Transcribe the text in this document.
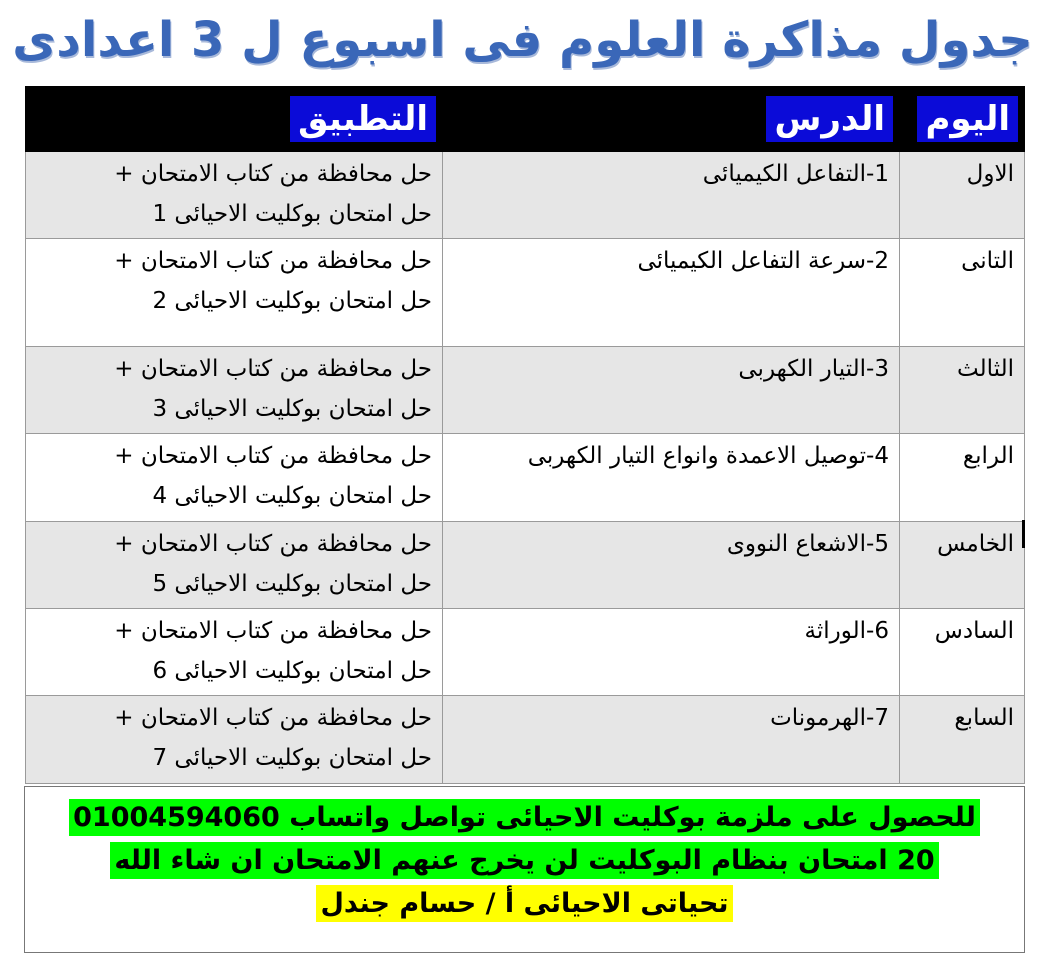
جدول مذاكرة العلوم فى اسبوع ل 3 اعدادى
اليوم	الدرس	التطبيق
الاول	1-التفاعل الكيميائى	حل محافظة من كتاب الامتحان +
حل امتحان بوكليت الاحيائى 1

التانى	2-سرعة التفاعل الكيميائى	حل محافظة من كتاب الامتحان +
حل امتحان بوكليت الاحيائى 2

الثالث	3-التيار الكهربى	حل محافظة من كتاب الامتحان +
حل امتحان بوكليت الاحيائى 3

الرابع	4-توصيل الاعمدة وانواع التيار الكهربى	حل محافظة من كتاب الامتحان +
حل امتحان بوكليت الاحيائى 4

الخامس	5-الاشعاع النووى	حل محافظة من كتاب الامتحان +
حل امتحان بوكليت الاحيائى 5

السادس	6-الوراثة	حل محافظة من كتاب الامتحان +
حل امتحان بوكليت الاحيائى 6

السابع	7-الهرمونات	حل محافظة من كتاب الامتحان +
حل امتحان بوكليت الاحيائى 7
للحصول على ملزمة بوكليت الاحيائى تواصل واتساب 01004594060
20 امتحان بنظام البوكليت لن يخرج عنهم الامتحان ان شاء الله
تحياتى الاحيائى أ / حسام جندل
